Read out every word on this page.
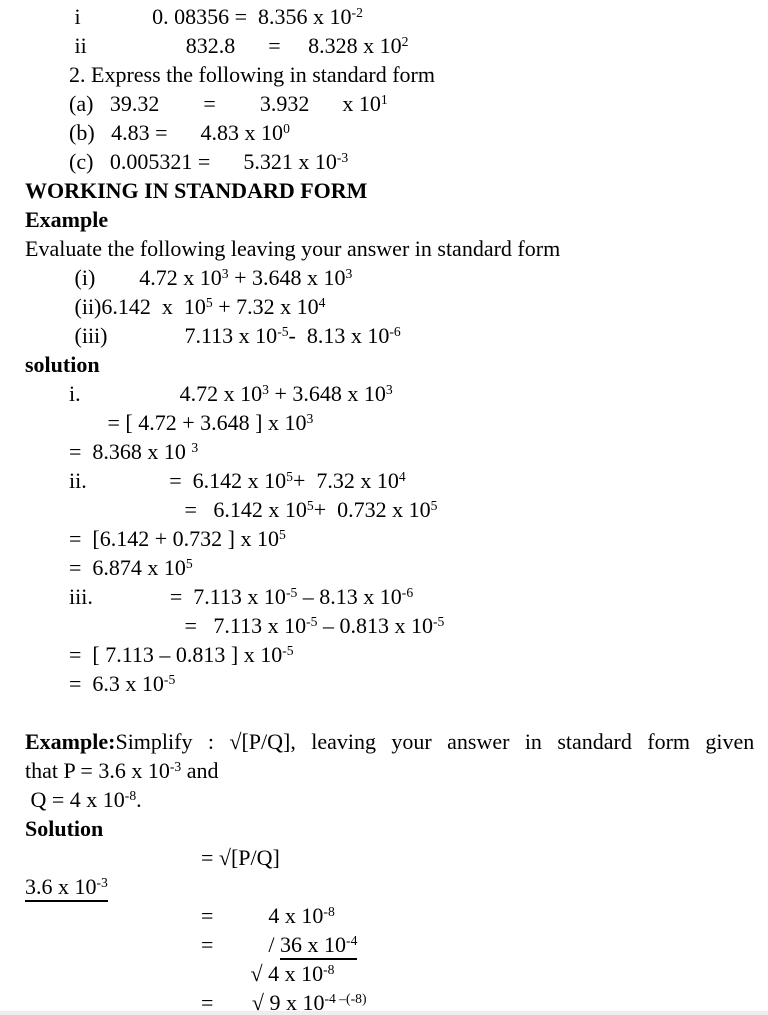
i             0. 08356 =  8.356 x $10^{-2}$
ii                  832.8      =     8.328 x $10^2$
2. Express the following in standard form
(a)   39.32        =        3.932      x $10^1$
(b)   4.83 =      4.83 x $10^0$
(c)   0.005321 =      5.321 x $10^{-3}$
WORKING IN STANDARD FORM
Example
Evaluate the following leaving your answer in standard form
(i)        4.72 x $10^3 + 3.648$ x $10^3$
(ii)6.142  x  $10^5 + 7.32$ x $10^4$
(iii)              7.113 x $10^{-5}-$  8.13 x $10^{-6}$
solution
i.                  4.72 x $10^3 + 3.648$ x $10^3$
= [ 4.72 + 3.648 ] x $10^3$
=  8.368 x 10 $^3$
ii.               =  6.142 x $10^5+ 7.32$ x $10^4$
=   6.142 x $10^5+ 0.732$ x $10^5$
=  [6.142 + 0.732 ] x $10^5$
=  6.874 x $10^5$
iii.              =  7.113 x $10^{-5} - 8.13$ x $10^{-6}$
=   7.113 x $10^{-5} - 0.813$ x $10^{-5}$
=  [ 7.113 – 0.813 ] x $10^{-5}$
=  6.3 x $10^{-5}$

Example:Simplify : √[P/Q], leaving your answer in standard form given
that P = 3.6 x $10^{-3}$ and
Q = 4 x $10^{-8}$.
Solution
= √[P/Q]
3.6 x $10^{-3}$
=          4 x $10^{-8}$
=          / 36 x $10^{-4}$
√ 4 x $10^{-8}$
=       √ 9 x $10^{-4 -(-8)}$
